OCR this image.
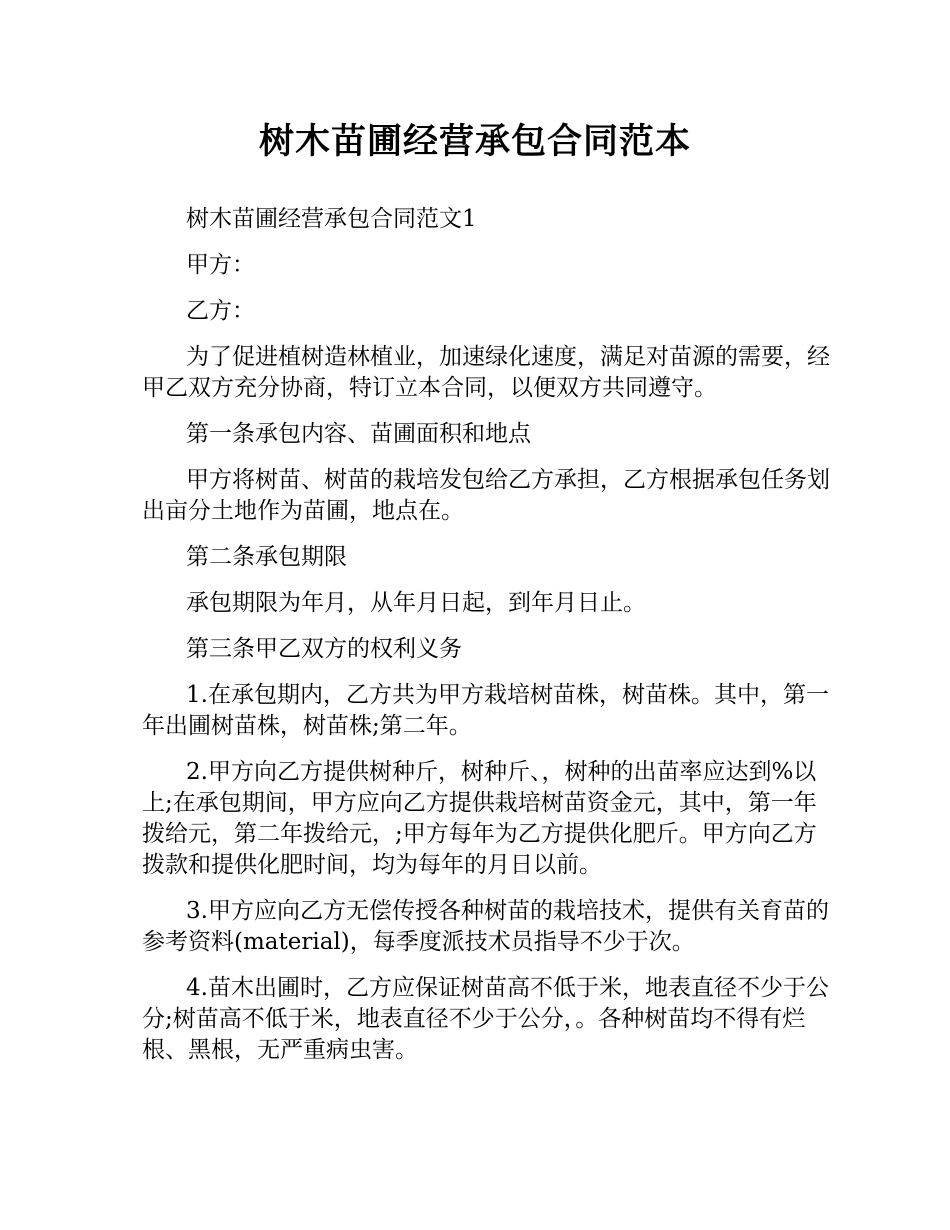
树木苗圃经营承包合同范本

树木苗圃经营承包合同范文1

甲方：

乙方：

为了促进植树造林植业，加速绿化速度，满足对苗源的需要，经甲乙双方充分协商，特订立本合同，以便双方共同遵守。

第一条承包内容、苗圃面积和地点

甲方将树苗、树苗的栽培发包给乙方承担，乙方根据承包任务划出亩分土地作为苗圃，地点在。

第二条承包期限

承包期限为年月，从年月日起，到年月日止。

第三条甲乙双方的权利义务

1.在承包期内，乙方共为甲方栽培树苗株，树苗株。其中，第一年出圃树苗株，树苗株;第二年。

2.甲方向乙方提供树种斤，树种斤、，树种的出苗率应达到%以上;在承包期间，甲方应向乙方提供栽培树苗资金元，其中，第一年拨给元，第二年拨给元，;甲方每年为乙方提供化肥斤。甲方向乙方拨款和提供化肥时间，均为每年的月日以前。

3.甲方应向乙方无偿传授各种树苗的栽培技术，提供有关育苗的参考资料(material)，每季度派技术员指导不少于次。

4.苗木出圃时，乙方应保证树苗高不低于米，地表直径不少于公分;树苗高不低于米，地表直径不少于公分，。各种树苗均不得有烂根、黑根，无严重病虫害。
